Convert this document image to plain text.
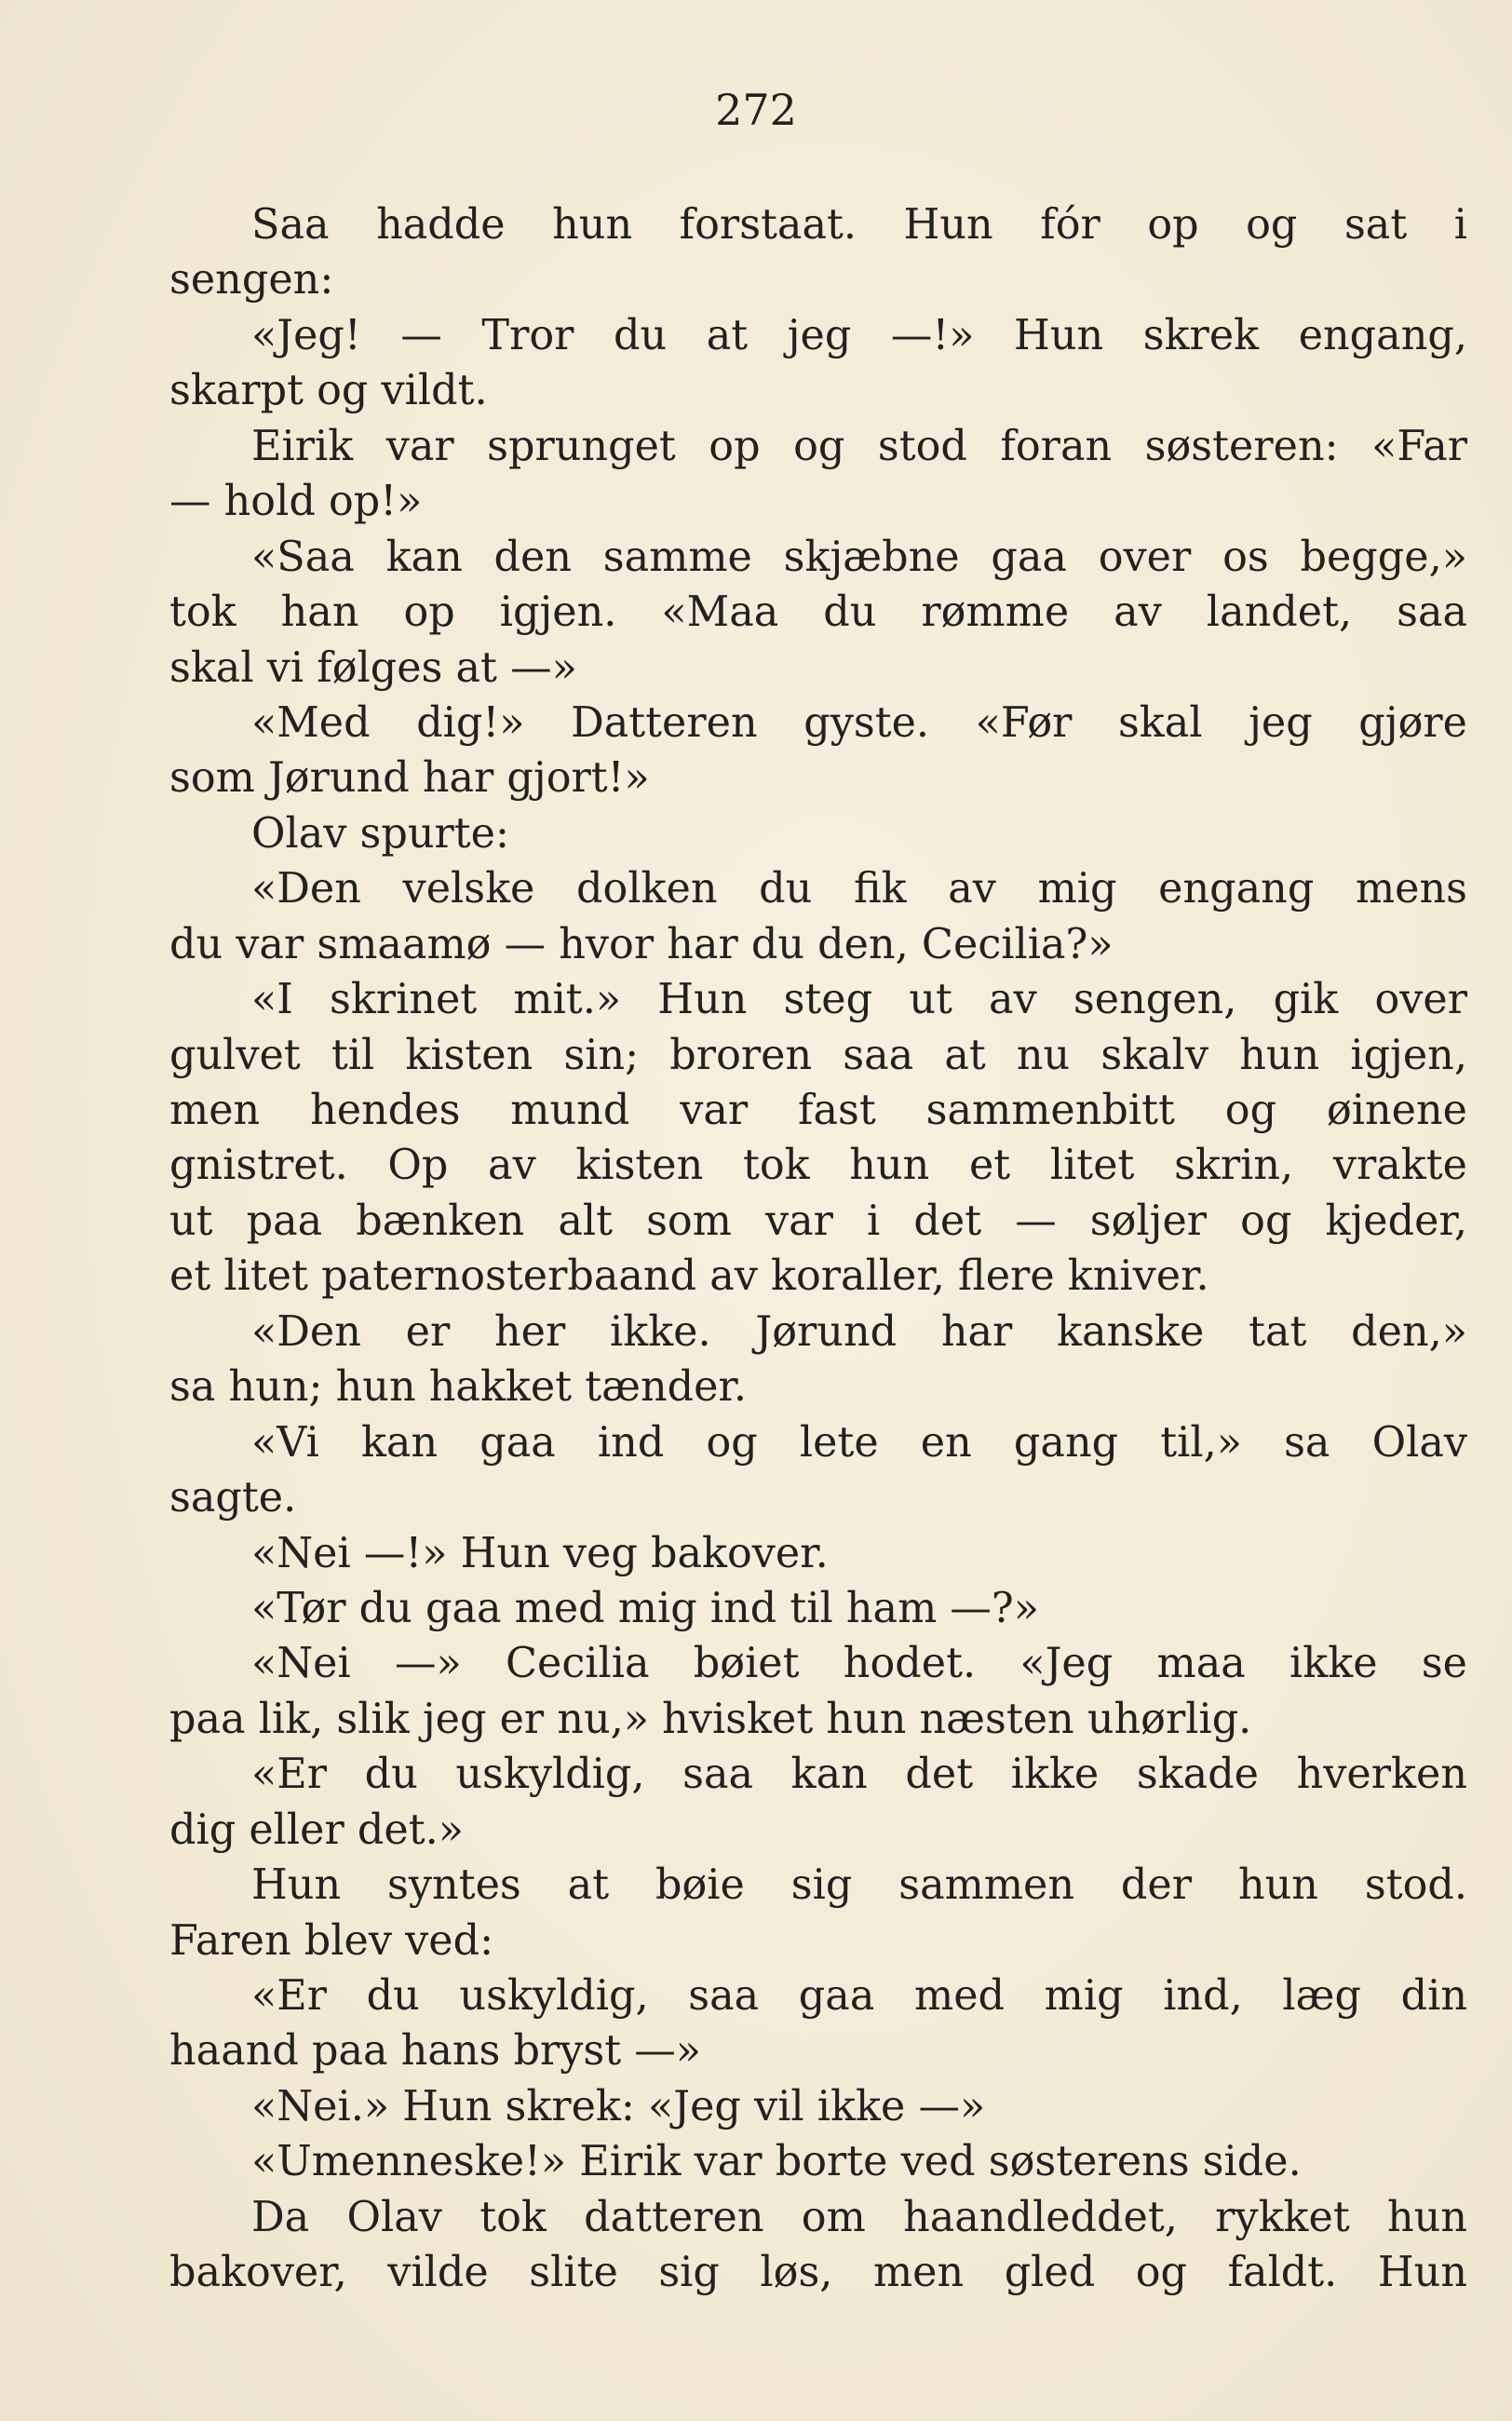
272
Saa hadde hun forstaat. Hun fór op og sat i
sengen:
«Jeg! — Tror du at jeg —!» Hun skrek engang,
skarpt og vildt.
Eirik var sprunget op og stod foran søsteren: «Far
— hold op!»
«Saa kan den samme skjæbne gaa over os begge,»
tok han op igjen. «Maa du rømme av landet, saa
skal vi følges at —»
«Med dig!» Datteren gyste. «Før skal jeg gjøre
som Jørund har gjort!»
Olav spurte:
«Den velske dolken du fik av mig engang mens
du var smaamø — hvor har du den, Cecilia?»
«I skrinet mit.» Hun steg ut av sengen, gik over
gulvet til kisten sin; broren saa at nu skalv hun igjen,
men hendes mund var fast sammenbitt og øinene
gnistret. Op av kisten tok hun et litet skrin, vrakte
ut paa bænken alt som var i det — søljer og kjeder,
et litet paternosterbaand av koraller, flere kniver.
«Den er her ikke. Jørund har kanske tat den,»
sa hun; hun hakket tænder.
«Vi kan gaa ind og lete en gang til,» sa Olav
sagte.
«Nei —!» Hun veg bakover.
«Tør du gaa med mig ind til ham —?»
«Nei —» Cecilia bøiet hodet. «Jeg maa ikke se
paa lik, slik jeg er nu,» hvisket hun næsten uhørlig.
«Er du uskyldig, saa kan det ikke skade hverken
dig eller det.»
Hun syntes at bøie sig sammen der hun stod.
Faren blev ved:
«Er du uskyldig, saa gaa med mig ind, læg din
haand paa hans bryst —»
«Nei.» Hun skrek: «Jeg vil ikke —»
«Umenneske!» Eirik var borte ved søsterens side.
Da Olav tok datteren om haandleddet, rykket hun
bakover, vilde slite sig løs, men gled og faldt. Hun
